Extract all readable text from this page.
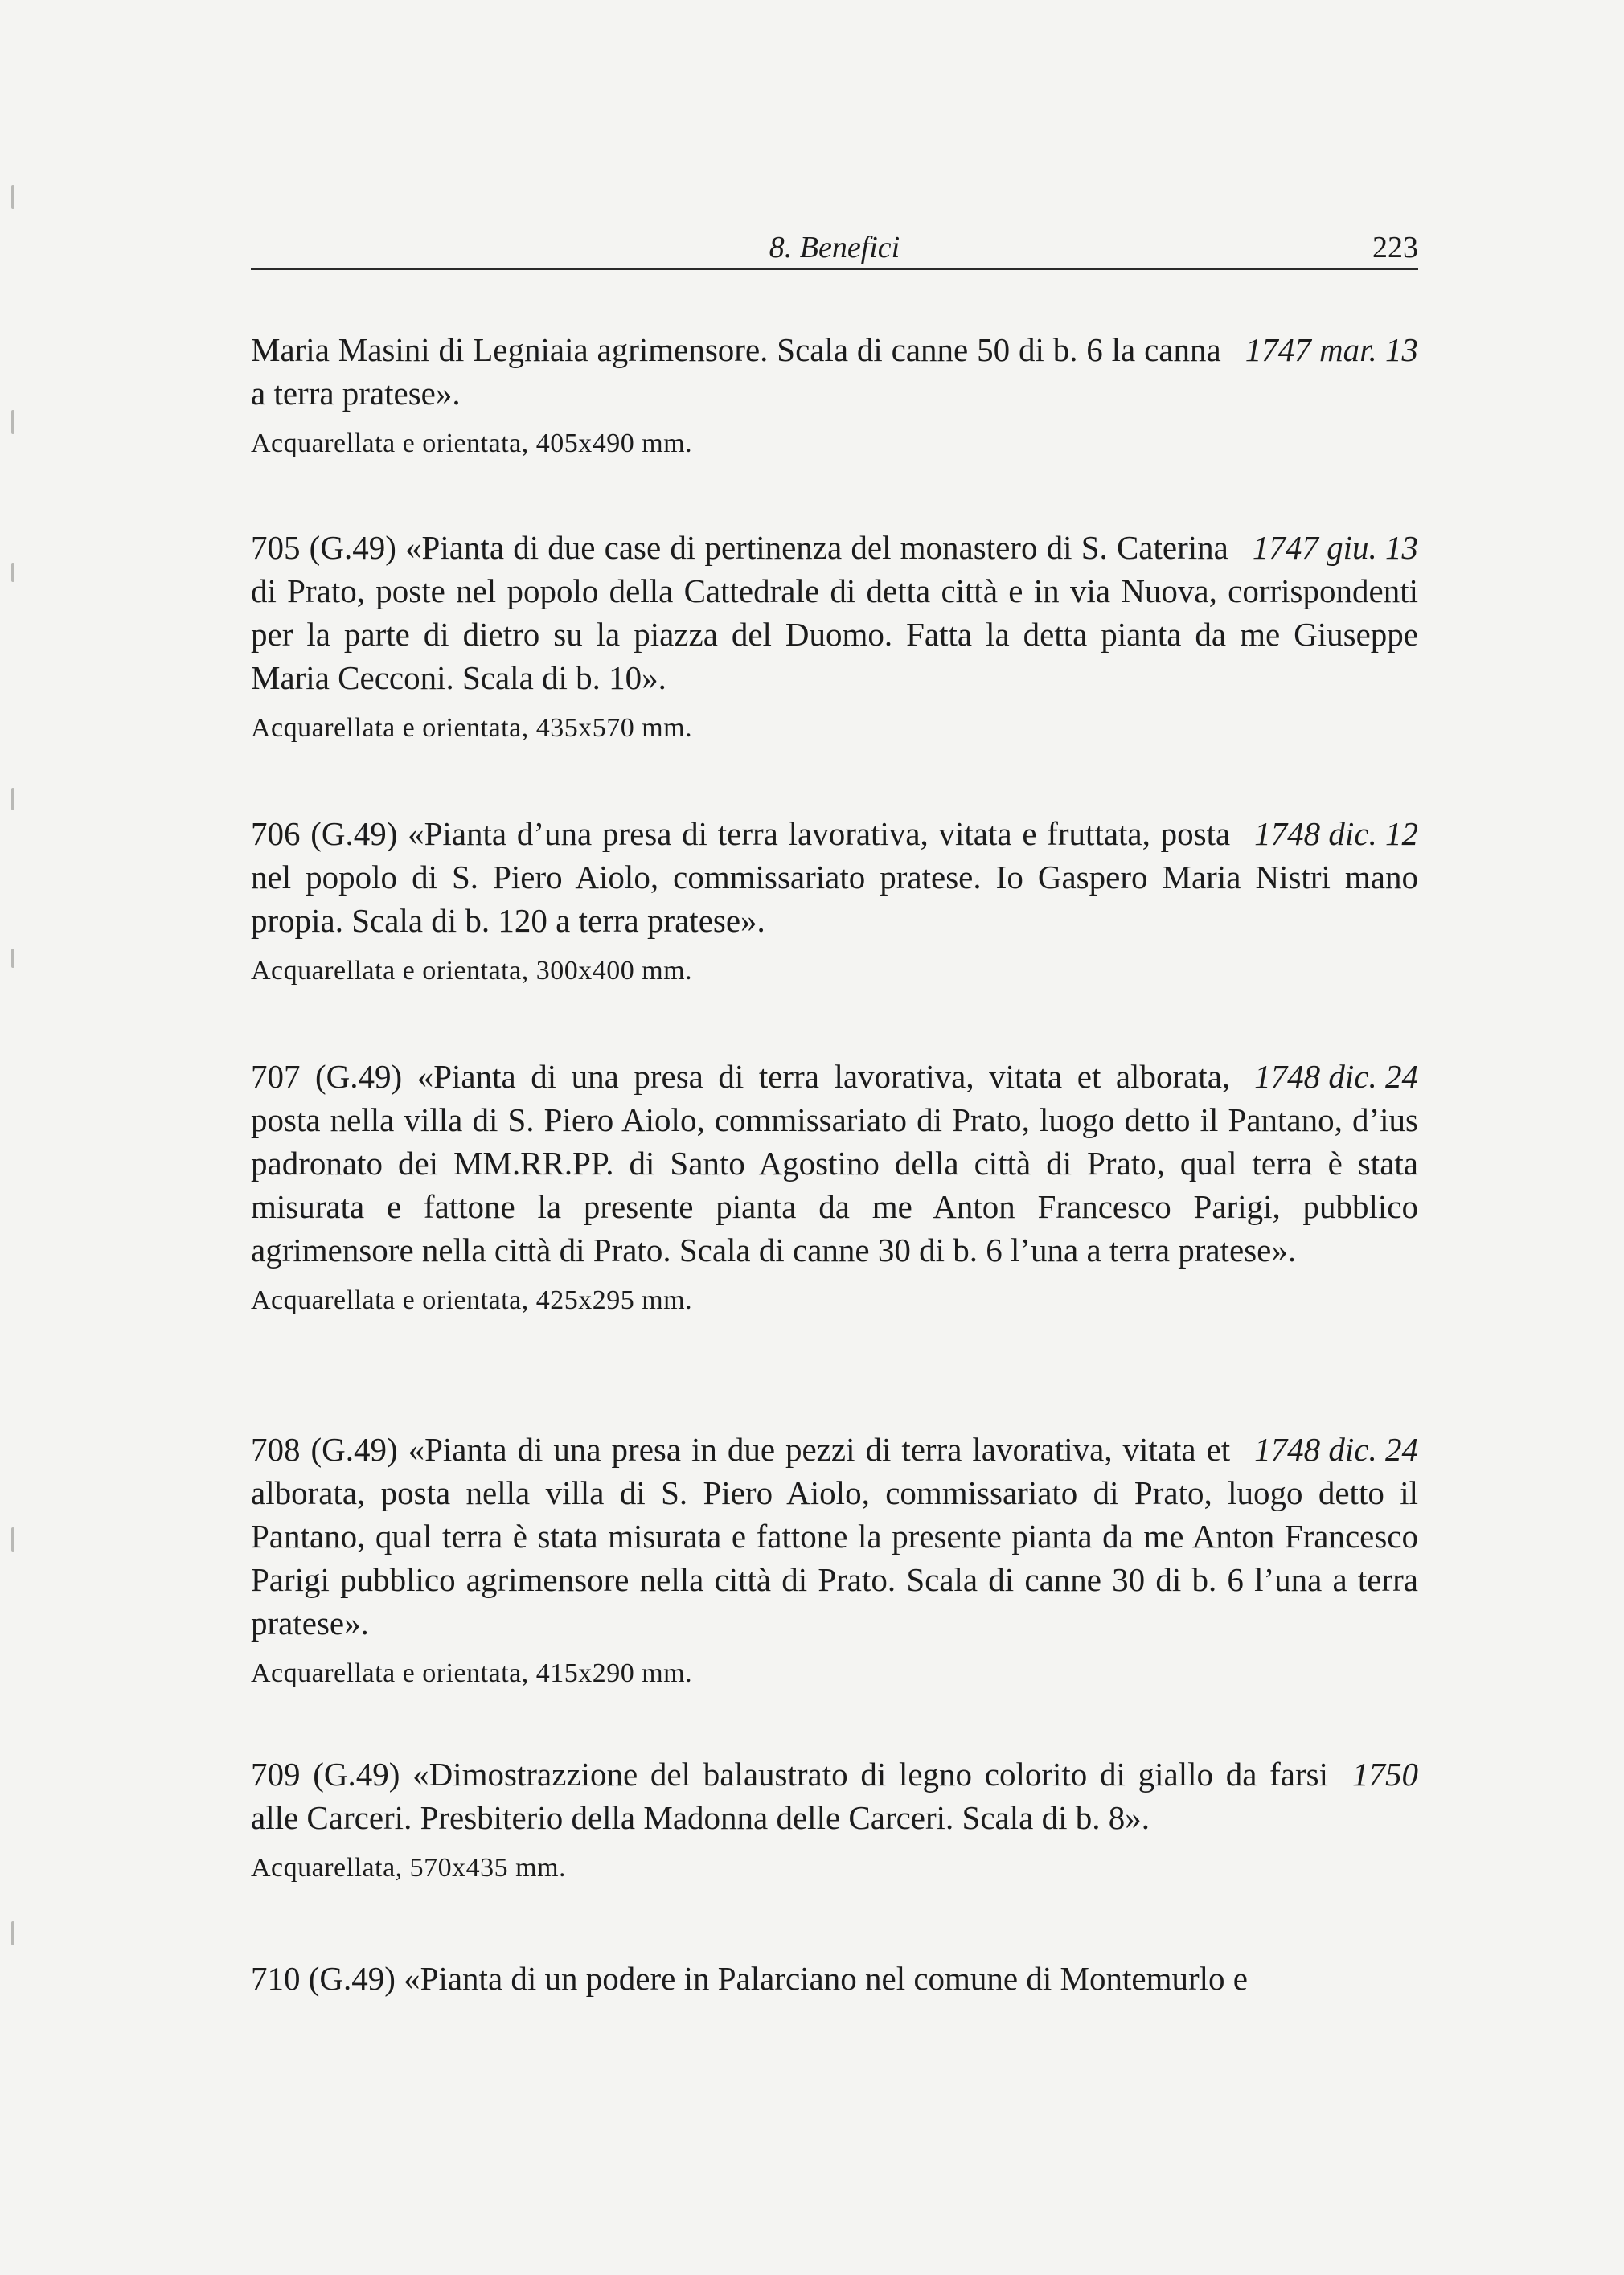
8. Benefici	223

1747 mar. 13
Maria Masini di Legniaia agrimensore. Scala di canne 50 di b. 6 la canna a terra pratese».

Acquarellata e orientata, 405x490 mm.

1747 giu. 13
705 (G.49) «Pianta di due case di pertinenza del monastero di S. Caterina di Prato, poste nel popolo della Cattedrale di detta città e in via Nuova, corrispondenti per la parte di dietro su la piazza del Duomo. Fatta la detta pianta da me Giuseppe Maria Cecconi. Scala di b. 10».

Acquarellata e orientata, 435x570 mm.

1748 dic. 12
706 (G.49) «Pianta d’una presa di terra lavorativa, vitata e fruttata, posta nel popolo di S. Piero Aiolo, commissariato pratese. Io Gaspero Maria Nistri mano propia. Scala di b. 120 a terra pratese».

Acquarellata e orientata, 300x400 mm.

1748 dic. 24
707 (G.49) «Pianta di una presa di terra lavorativa, vitata et alborata, posta nella villa di S. Piero Aiolo, commissariato di Prato, luogo detto il Pantano, d’ius padronato dei MM.RR.PP. di Santo Agostino della città di Prato, qual terra è stata misurata e fattone la presente pianta da me Anton Francesco Parigi, pubblico agrimensore nella città di Prato. Scala di canne 30 di b. 6 l’una a terra pratese».

Acquarellata e orientata, 425x295 mm.

1748 dic. 24
708 (G.49) «Pianta di una presa in due pezzi di terra lavorativa, vitata et alborata, posta nella villa di S. Piero Aiolo, commissariato di Prato, luogo detto il Pantano, qual terra è stata misurata e fattone la presente pianta da me Anton Francesco Parigi pubblico agrimensore nella città di Prato. Scala di canne 30 di b. 6 l’una a terra pratese».

Acquarellata e orientata, 415x290 mm.

1750
709 (G.49) «Dimostrazzione del balaustrato di legno colorito di giallo da farsi alle Carceri. Presbiterio della Madonna delle Carceri. Scala di b. 8».

Acquarellata, 570x435 mm.

710 (G.49) «Pianta di un podere in Palarciano nel comune di Montemurlo e
